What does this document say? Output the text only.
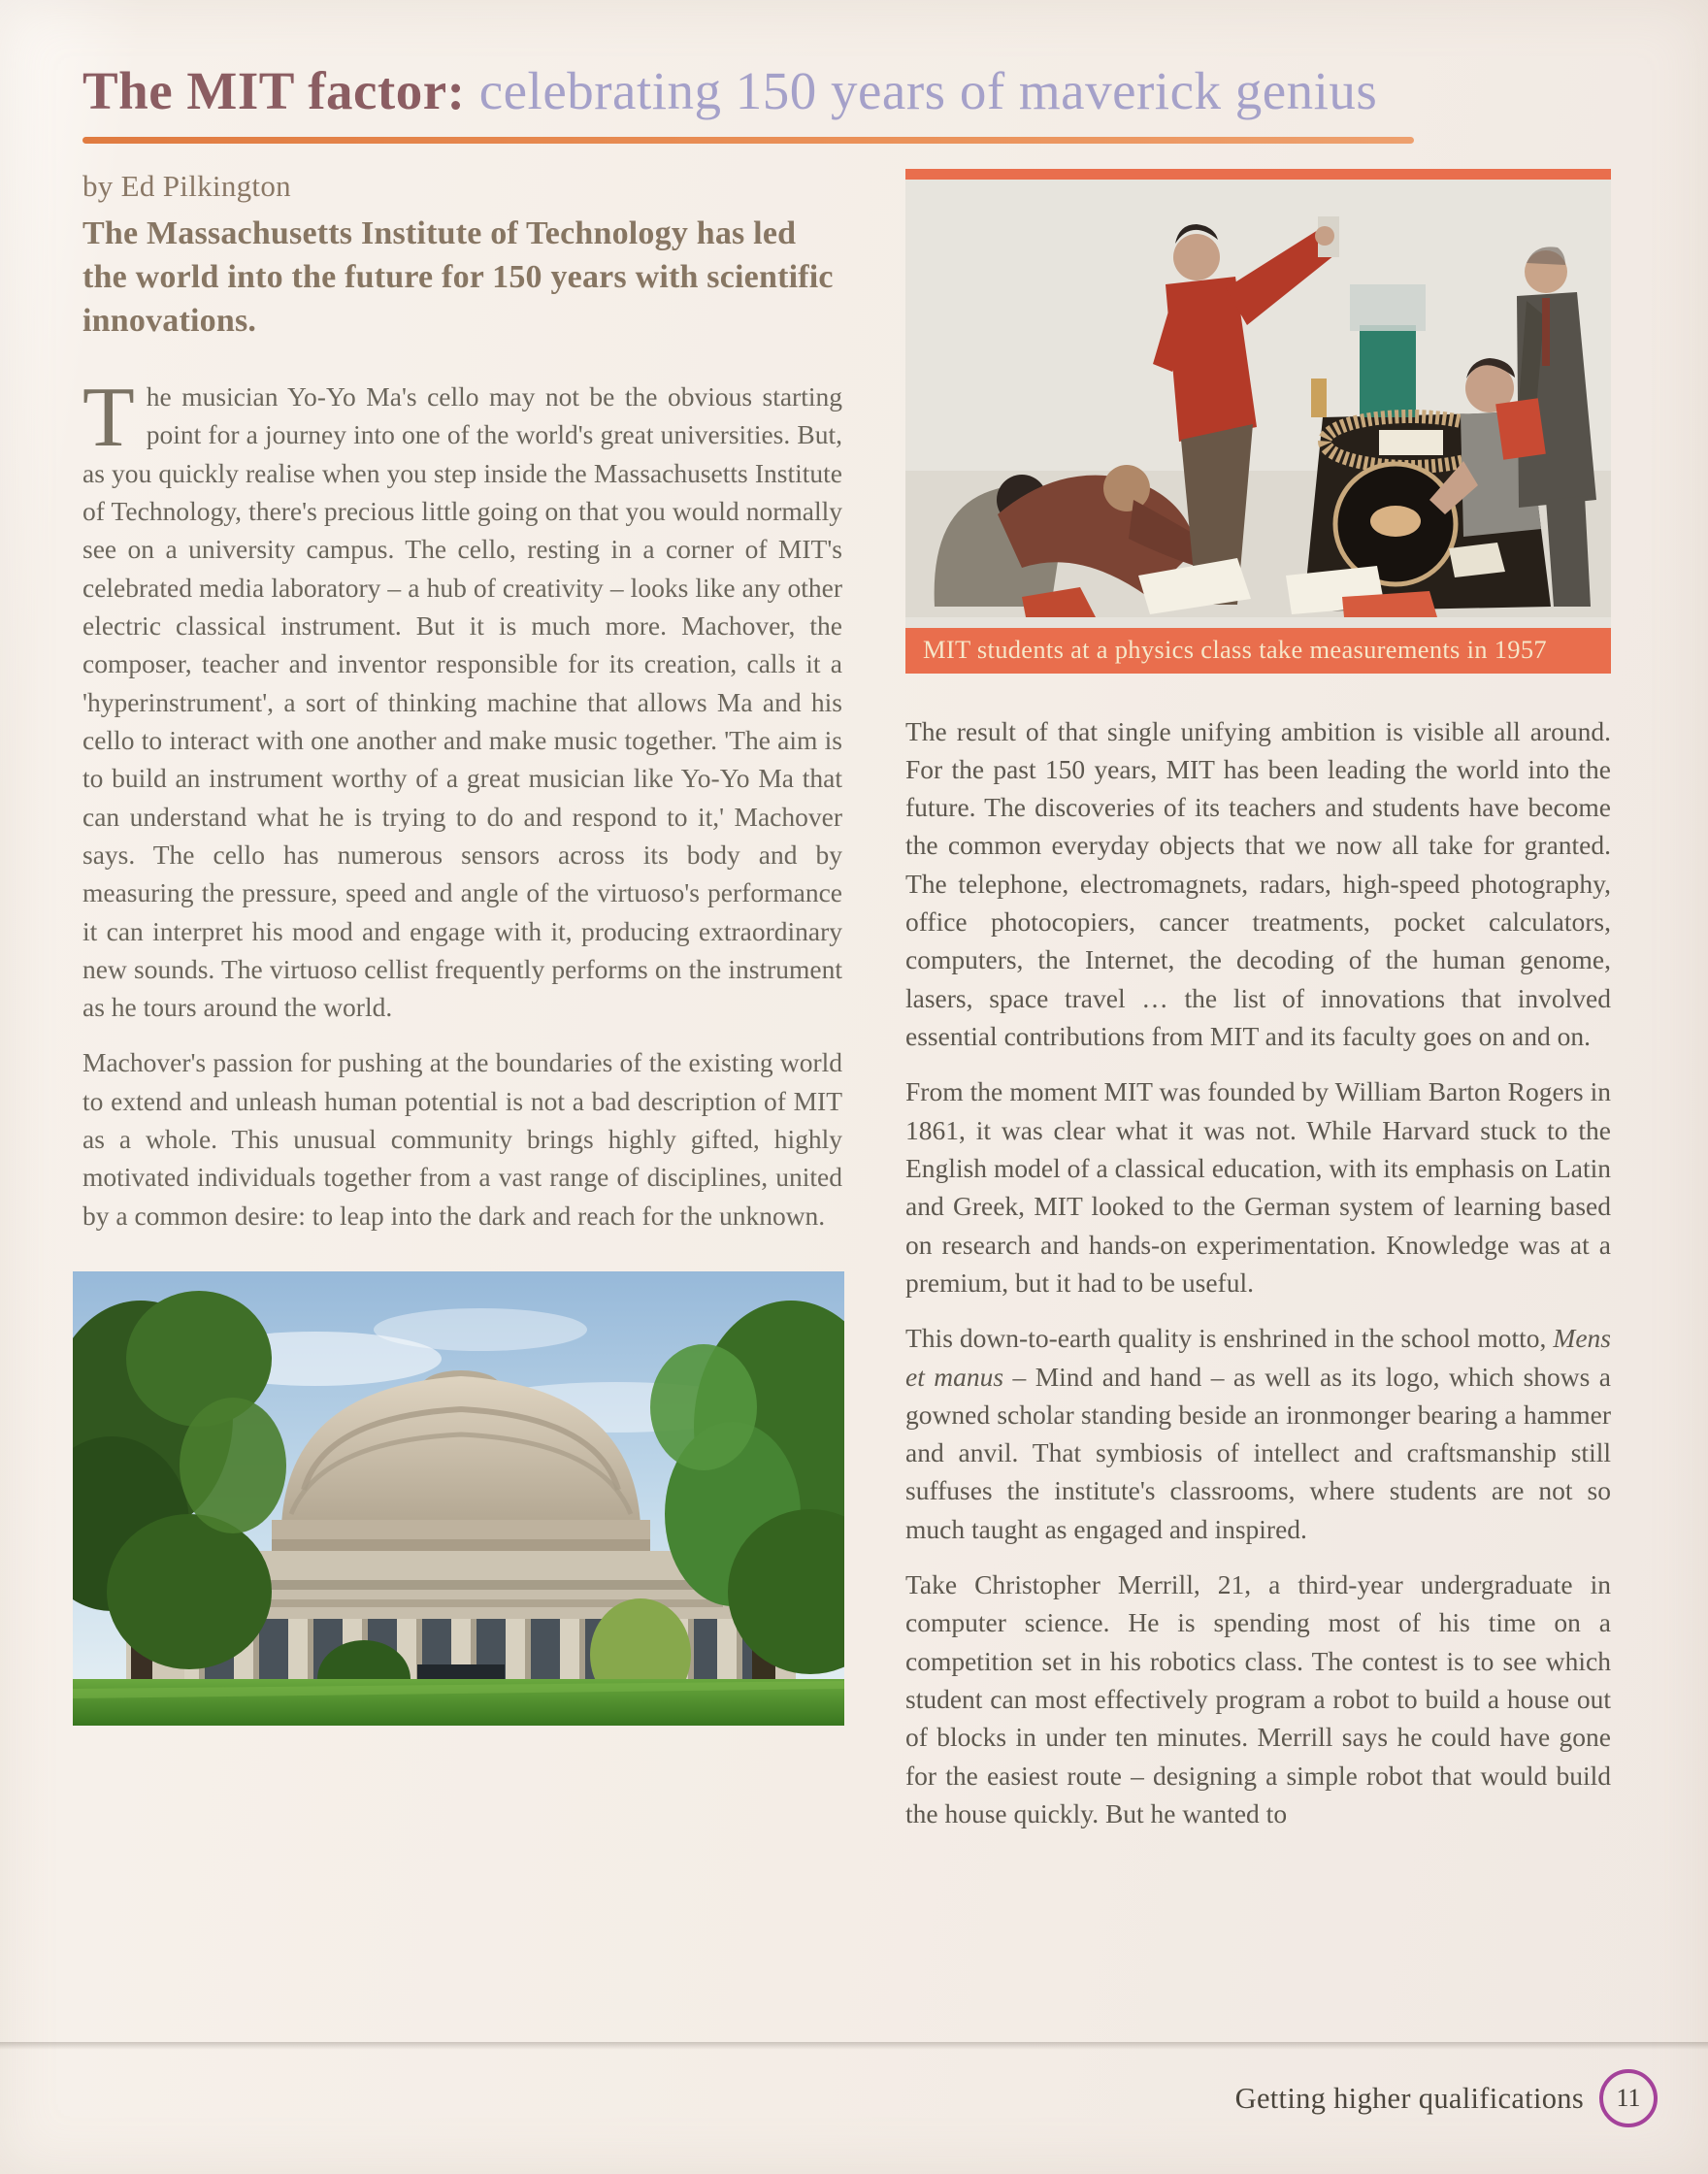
The MIT factor: celebrating 150 years of maverick genius
by Ed Pilkington
The Massachusetts Institute of Technology has led the world into the future for 150 years with scientific innovations.

The musician Yo-Yo Ma's cello may not be the obvious starting point for a journey into one of the world's great universities. But, as you quickly realise when you step inside the Massachusetts Institute of Technology, there's precious little going on that you would normally see on a university campus. The cello, resting in a corner of MIT's celebrated media laboratory – a hub of creativity – looks like any other electric classical instrument. But it is much more. Machover, the composer, teacher and inventor responsible for its creation, calls it a 'hyperinstrument', a sort of thinking machine that allows Ma and his cello to interact with one another and make music together. 'The aim is to build an instrument worthy of a great musician like Yo-Yo Ma that can understand what he is trying to do and respond to it,' Machover says. The cello has numerous sensors across its body and by measuring the pressure, speed and angle of the virtuoso's performance it can interpret his mood and engage with it, producing extraordinary new sounds. The virtuoso cellist frequently performs on the instrument as he tours around the world.

Machover's passion for pushing at the boundaries of the existing world to extend and unleash human potential is not a bad description of MIT as a whole. This unusual community brings highly gifted, highly motivated individuals together from a vast range of disciplines, united by a common desire: to leap into the dark and reach for the unknown.

MIT students at a physics class take measurements in 1957

The result of that single unifying ambition is visible all around. For the past 150 years, MIT has been leading the world into the future. The discoveries of its teachers and students have become the common everyday objects that we now all take for granted. The telephone, electromagnets, radars, high-speed photography, office photocopiers, cancer treatments, pocket calculators, computers, the Internet, the decoding of the human genome, lasers, space travel … the list of innovations that involved essential contributions from MIT and its faculty goes on and on.

From the moment MIT was founded by William Barton Rogers in 1861, it was clear what it was not. While Harvard stuck to the English model of a classical education, with its emphasis on Latin and Greek, MIT looked to the German system of learning based on research and hands-on experimentation. Knowledge was at a premium, but it had to be useful.

This down-to-earth quality is enshrined in the school motto, Mens et manus – Mind and hand – as well as its logo, which shows a gowned scholar standing beside an ironmonger bearing a hammer and anvil. That symbiosis of intellect and craftsmanship still suffuses the institute's classrooms, where students are not so much taught as engaged and inspired.

Take Christopher Merrill, 21, a third-year undergraduate in computer science. He is spending most of his time on a competition set in his robotics class. The contest is to see which student can most effectively program a robot to build a house out of blocks in under ten minutes. Merrill says he could have gone for the easiest route – designing a simple robot that would build the house quickly. But he wanted to

Getting higher qualifications 11
